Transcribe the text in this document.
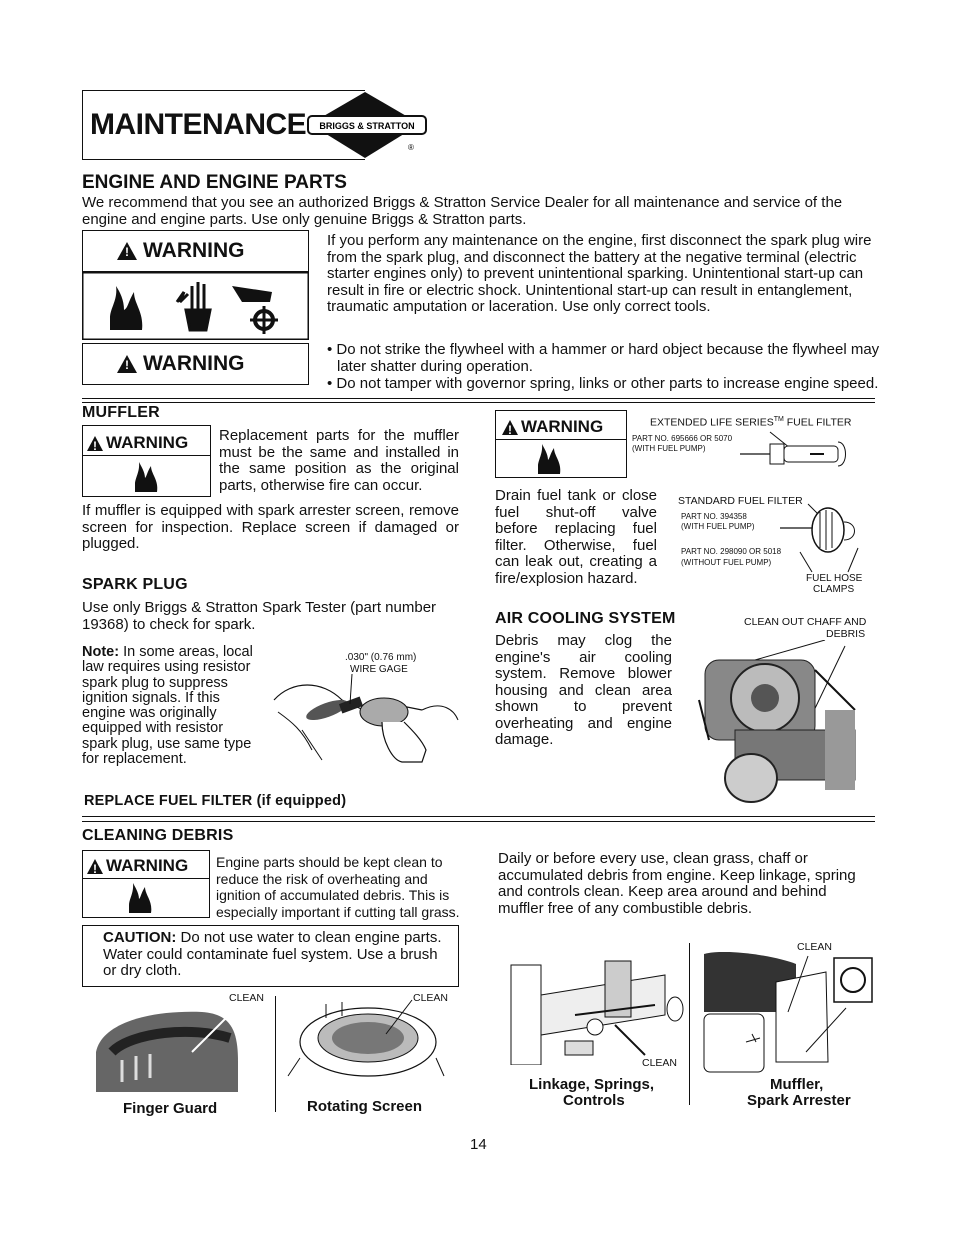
MAINTENANCE BRIGGS & STRATTON
®
ENGINE AND ENGINE PARTS
We recommend that you see an authorized Briggs & Stratton Service Dealer for all maintenance and service of the engine and engine parts. Use only genuine Briggs & Stratton parts.
!
WARNING
!
WARNING
If you perform any maintenance on the engine, first disconnect the spark plug wire from the spark plug, and disconnect the battery at the negative terminal (electric starter engines only) to prevent unintentional sparking. Unintentional start-up can result in fire or electric shock. Unintentional start-up can result in entanglement, traumatic amputation or laceration. Use only correct tools.
• Do not strike the flywheel with a hammer or hard object because the flywheel may later shatter during operation.
• Do not tamper with governor spring, links or other parts to increase engine speed.
MUFFLER
!
WARNING Replacement parts for the muffler must be the same and installed in the same position as the original parts, otherwise fire can occur.
If muffler is equipped with spark arrester screen, remove screen for inspection. Replace screen if damaged or plugged.
SPARK PLUG
Use only Briggs & Stratton Spark Tester (part number 19368) to check for spark.
Note: In some areas, local law requires using resistor spark plug to suppress ignition signals. If this engine was originally equipped with resistor spark plug, use same type for replacement.
.030" (0.76 mm)
WIRE GAGE
REPLACE FUEL FILTER (if equipped)
!
WARNING
Drain fuel tank or close fuel shut-off valve before replacing fuel filter. Otherwise, fuel can leak out, creating a fire/explosion hazard.
EXTENDED LIFE SERIES™ FUEL FILTER
PART NO. 695666 OR 5070
(WITH FUEL PUMP)
STANDARD FUEL FILTER
PART NO. 394358
(WITH FUEL PUMP)
PART NO. 298090 OR 5018
(WITHOUT FUEL PUMP)
FUEL HOSE
CLAMPS
AIR COOLING SYSTEM
Debris may clog the engine's air cooling system. Remove blower housing and clean area shown to prevent overheating and engine damage.
CLEAN OUT CHAFF AND
DEBRIS
CLEANING DEBRIS
!
WARNING Engine parts should be kept clean to reduce the risk of overheating and ignition of accumulated debris. This is especially important if cutting tall grass.
CAUTION: Do not use water to clean engine parts. Water could contaminate fuel system. Use a brush or dry cloth.
Daily or before every use, clean grass, chaff or accumulated debris from engine. Keep linkage, spring and controls clean. Keep area around and behind muffler free of any combustible debris.
CLEAN
Finger Guard
CLEAN
Rotating Screen
CLEAN
Linkage, Springs,
Controls
CLEAN
Muffler,
Spark Arrester
14
